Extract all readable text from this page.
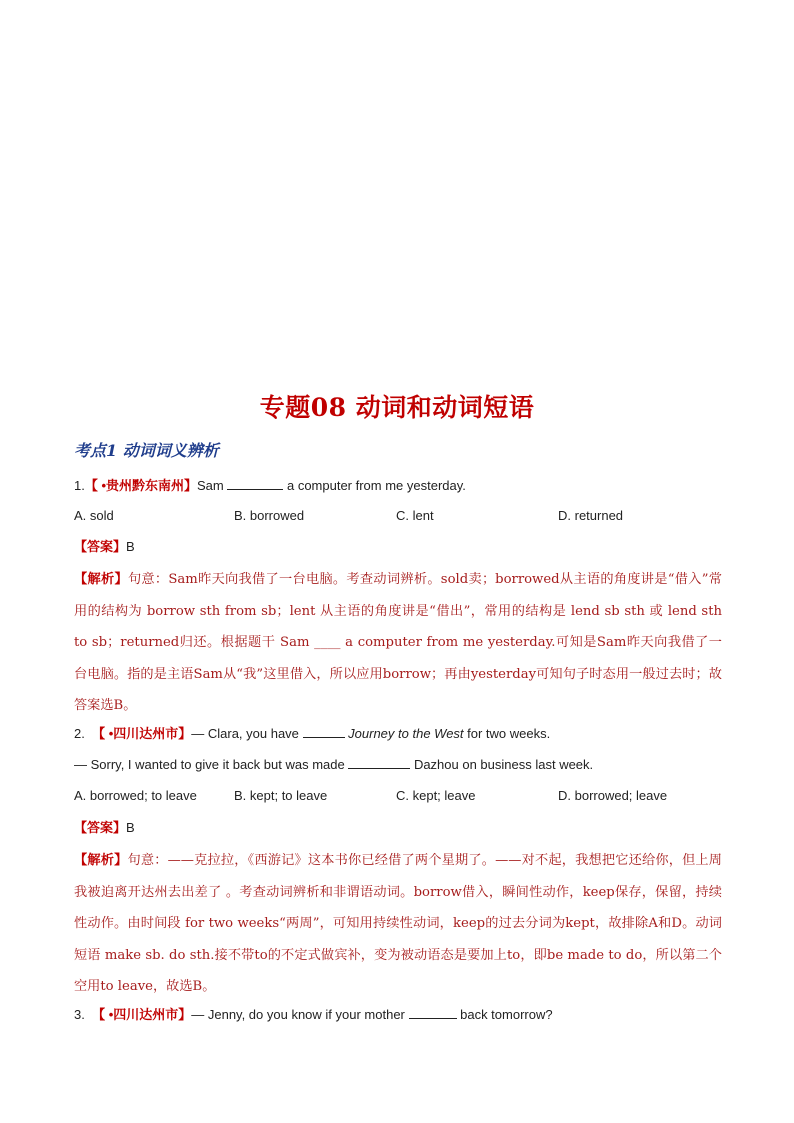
专题08 动词和动词短语
考点1 动词词义辨析
1.【 •贵州黔东南州】Sam	a computer from me yesterday.
A. sold	B. borrowed	C. lent	D. returned
【答案】B
【解析】句意：Sam昨天向我借了一台电脑。考查动词辨析。sold卖；borrowed从主语的角度讲是“借入”常用的结构为 borrow sth from sb；lent 从主语的角度讲是“借出”，常用的结构是 lend sb sth 或 lend sth to sb；returned归还。根据题干 Sam ____ a computer from me yesterday.可知是Sam昨天向我借了一台电脑。指的是主语Sam从“我”这里借入，所以应用borrow；再由yesterday可知句子时态用一般过去时；故答案选B。
2. 【 •四川达州市】— Clara, you have	Journey to the West for two weeks.
— Sorry, I wanted to give it back but was made	Dazhou on business last week.
A. borrowed; to leave	B. kept; to leave	C. kept; leave	D. borrowed; leave
【答案】B
【解析】句意：——克拉拉，《西游记》这本书你已经借了两个星期了。——对不起，我想把它还给你，但上周我被迫离开达州去出差了 。考查动词辨析和非谓语动词。borrow借入，瞬间性动作，keep保存，保留，持续性动作。由时间段 for two weeks“两周”，可知用持续性动词，keep的过去分词为kept，故排除A和D。动词短语 make sb. do sth.接不带to的不定式做宾补，变为被动语态是要加上to，即be made to do，所以第二个空用to leave，故选B。
3. 【 •四川达州市】— Jenny, do you know if your mother	back tomorrow?
